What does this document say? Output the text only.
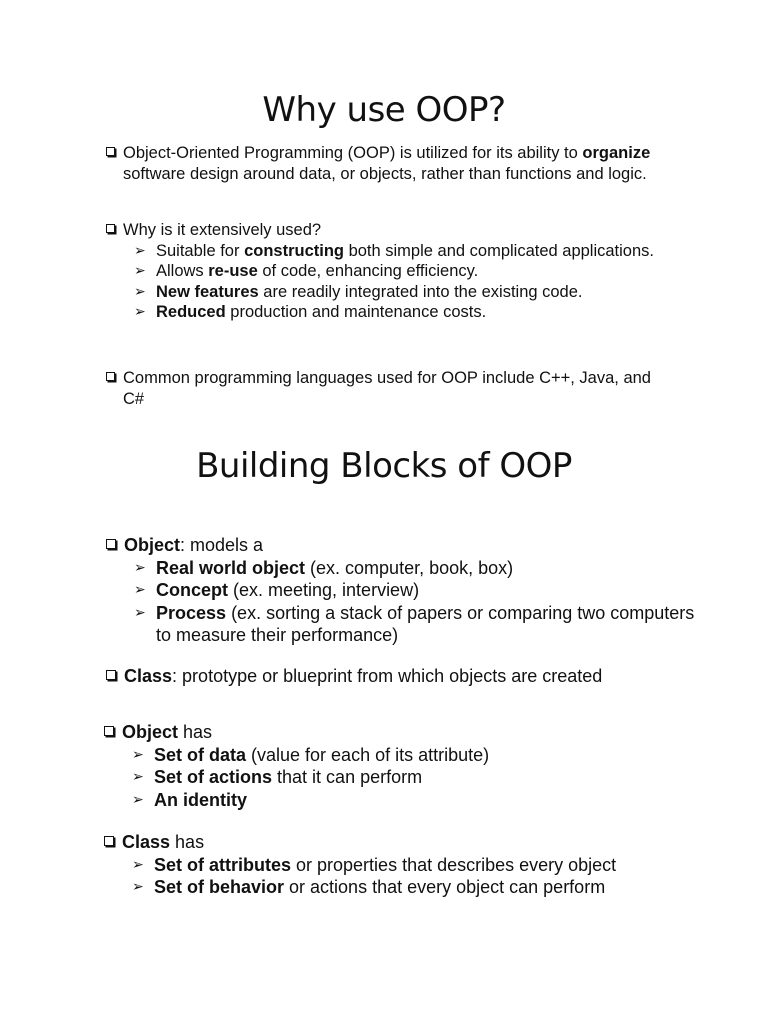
Why use OOP?
Object-Oriented Programming (OOP) is utilized for its ability to organize software design around data, or objects, rather than functions and logic.
Why is it extensively used?
➢ Suitable for constructing both simple and complicated applications.
➢ Allows re-use of code, enhancing efficiency.
➢ New features are readily integrated into the existing code.
➢ Reduced production and maintenance costs.
Common programming languages used for OOP include C++, Java, and C#
Building Blocks of OOP
Object: models a
➢ Real world object (ex. computer, book, box)
➢ Concept (ex. meeting, interview)
➢ Process (ex. sorting a stack of papers or comparing two computers to measure their performance)
Class: prototype or blueprint from which objects are created
Object has
➢ Set of data (value for each of its attribute)
➢ Set of actions that it can perform
➢ An identity
Class has
➢ Set of attributes or properties that describes every object
➢ Set of behavior or actions that every object can perform
